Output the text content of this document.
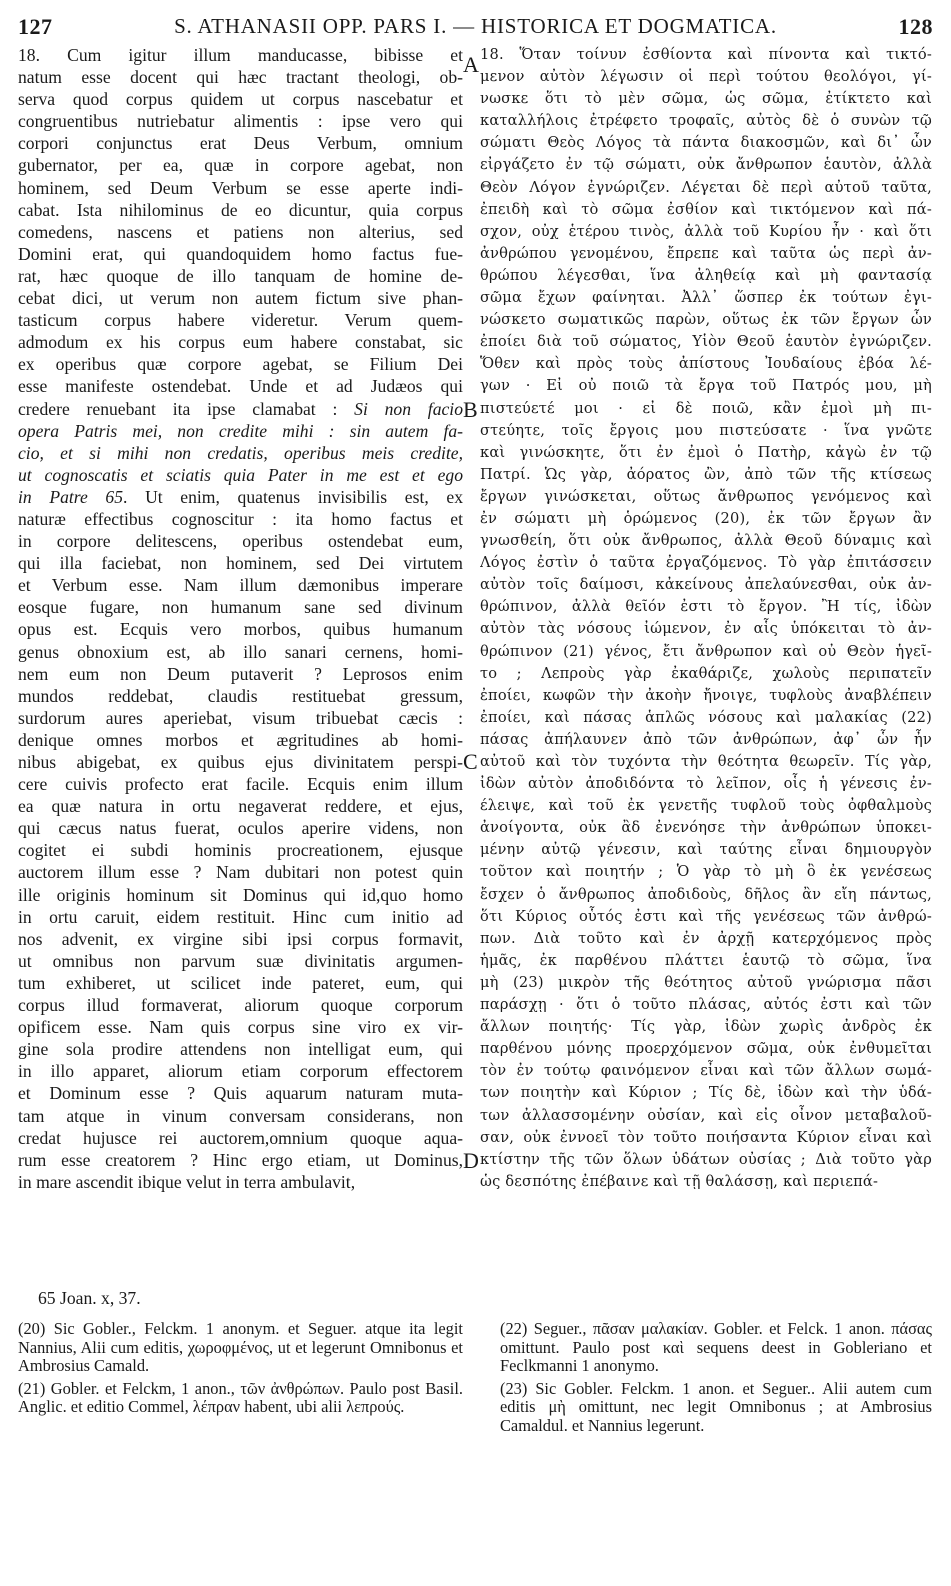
127	S. ATHANASII OPP. PARS I. — HISTORICA ET DOGMATICA.	128
18. Cum igitur illum manducasse, bibisse et
natum esse docent qui hæc tractant theologi, ob-
serva quod corpus quidem ut corpus nascebatur et
congruentibus nutriebatur alimentis : ipse vero qui
corpori conjunctus erat Deus Verbum, omnium
gubernator, per ea, quæ in corpore agebat, non
hominem, sed Deum Verbum se esse aperte indi-
cabat. Ista nihilominus de eo dicuntur, quia corpus
comedens, nascens et patiens non alterius, sed
Domini erat, qui quandoquidem homo factus fue-
rat, hæc quoque de illo tanquam de homine de-
cebat dici, ut verum non autem fictum sive phan-
tasticum corpus habere videretur. Verum quem-
admodum ex his corpus eum habere constabat, sic
ex operibus quæ corpore agebat, se Filium Dei
esse manifeste ostendebat. Unde et ad Judæos qui
credere renuebant ita ipse clamabat : Si non facio
opera Patris mei, non credite mihi : sin autem fa-
cio, et si mihi non credatis, operibus meis credite,
ut cognoscatis et sciatis quia Pater in me est et ego
in Patre 65. Ut enim, quatenus invisibilis est, ex
naturæ effectibus cognoscitur : ita homo factus et
in corpore delitescens, operibus ostendebat eum,
qui illa faciebat, non hominem, sed Dei virtutem
et Verbum esse. Nam illum dæmonibus imperare
eosque fugare, non humanum sane sed divinum
opus est. Ecquis vero morbos, quibus humanum
genus obnoxium est, ab illo sanari cernens, homi-
nem eum non Deum putaverit ? Leprosos enim
mundos reddebat, claudis restituebat gressum,
surdorum aures aperiebat, visum tribuebat cæcis :
denique omnes morbos et ægritudines ab homi-
nibus abigebat, ex quibus ejus divinitatem perspi-
cere cuivis profecto erat facile. Ecquis enim illum
ea quæ natura in ortu negaverat reddere, et ejus,
qui cæcus natus fuerat, oculos aperire videns, non
cogitet ei subdi hominis procreationem, ejusque
auctorem illum esse ? Nam dubitari non potest quin
ille originis hominum sit Dominus qui id,quo homo
in ortu caruit, eidem restituit. Hinc cum initio ad
nos advenit, ex virgine sibi ipsi corpus formavit,
ut omnibus non parvum suæ divinitatis argumen-
tum exhiberet, ut scilicet inde pateret, eum, qui
corpus illud formaverat, aliorum quoque corporum
opificem esse. Nam quis corpus sine viro ex vir-
gine sola prodire attendens non intelligat eum, qui
in illo apparet, aliorum etiam corporum effectorem
et Dominum esse ? Quis aquarum naturam muta-
tam atque in vinum conversam considerans, non
credat hujusce rei auctorem,omnium quoque aqua-
rum esse creatorem ? Hinc ergo etiam, ut Dominus,
in mare ascendit ibique velut in terra ambulavit,
18. Ὅταν τοίνυν ἐσθίοντα καὶ πίνοντα καὶ τικτό-
μενον αὐτὸν λέγωσιν οἱ περὶ τούτου θεολόγοι, γί-
νωσκε ὅτι τὸ μὲν σῶμα, ὡς σῶμα, ἐτίκτετο καὶ
καταλλήλοις ἐτρέφετο τροφαῖς, αὐτὸς δὲ ὁ συνὼν τῷ
σώματι Θεὸς Λόγος τὰ πάντα διακοσμῶν, καὶ δι᾽ ὧν
εἰργάζετο ἐν τῷ σώματι, οὐκ ἄνθρωπον ἑαυτὸν, ἀλλὰ
Θεὸν Λόγον ἐγνώριζεν. Λέγεται δὲ περὶ αὐτοῦ ταῦτα,
ἐπειδὴ καὶ τὸ σῶμα ἐσθίον καὶ τικτόμενον καὶ πά-
σχον, οὐχ ἑτέρου τινὸς, ἀλλὰ τοῦ Κυρίου ἦν · καὶ ὅτι
ἀνθρώπου γενομένου, ἔπρεπε καὶ ταῦτα ὡς περὶ ἀν-
θρώπου λέγεσθαι, ἵνα ἀληθείᾳ καὶ μὴ φαντασίᾳ
σῶμα ἔχων φαίνηται. Ἀλλ᾽ ὥσπερ ἐκ τούτων ἐγι-
νώσκετο σωματικῶς παρὼν, οὕτως ἐκ τῶν ἔργων ὧν
ἐποίει διὰ τοῦ σώματος, Υἱὸν Θεοῦ ἑαυτὸν ἐγνώριζεν.
Ὅθεν καὶ πρὸς τοὺς ἀπίστους Ἰουδαίους ἐβόα λέ-
γων · Εἰ οὐ ποιῶ τὰ ἔργα τοῦ Πατρός μου, μὴ
πιστεύετέ μοι · εἰ δὲ ποιῶ, κἂν ἐμοὶ μὴ πι-
στεύητε, τοῖς ἔργοις μου πιστεύσατε · ἵνα γνῶτε
καὶ γινώσκητε, ὅτι ἐν ἐμοὶ ὁ Πατὴρ, κἀγὼ ἐν τῷ
Πατρί. Ὡς γὰρ, ἀόρατος ὢν, ἀπὸ τῶν τῆς κτίσεως
ἔργων γινώσκεται, οὕτως ἄνθρωπος γενόμενος καὶ
ἐν σώματι μὴ ὁρώμενος (20), ἐκ τῶν ἔργων ἂν
γνωσθείη, ὅτι οὐκ ἄνθρωπος, ἀλλὰ Θεοῦ δύναμις καὶ
Λόγος ἐστὶν ὁ ταῦτα ἐργαζόμενος. Τὸ γὰρ ἐπιτάσσειν
αὐτὸν τοῖς δαίμοσι, κἀκείνους ἀπελαύνεσθαι, οὐκ ἀν-
θρώπινον, ἀλλὰ θεῖόν ἐστι τὸ ἔργον. Ἢ τίς, ἰδὼν
αὐτὸν τὰς νόσους ἰώμενον, ἐν αἷς ὑπόκειται τὸ ἀν-
θρώπινον (21) γένος, ἔτι ἄνθρωπον καὶ οὐ Θεὸν ἡγεῖ-
το ; Λεπροὺς γὰρ ἐκαθάριζε, χωλοὺς περιπατεῖν
ἐποίει, κωφῶν τὴν ἀκοὴν ἤνοιγε, τυφλοὺς ἀναβλέπειν
ἐποίει, καὶ πάσας ἁπλῶς νόσους καὶ μαλακίας (22)
πάσας ἀπήλαυνεν ἀπὸ τῶν ἀνθρώπων, ἀφ᾽ ὧν ἦν
αὐτοῦ καὶ τὸν τυχόντα τὴν θεότητα θεωρεῖν. Τίς γὰρ,
ἰδὼν αὐτὸν ἀποδιδόντα τὸ λεῖπον, οἷς ἡ γένεσις ἐν-
έλειψε, καὶ τοῦ ἐκ γενετῆς τυφλοῦ τοὺς ὀφθαλμοὺς
ἀνοίγοντα, οὐκ ἂδ ἐνενόησε τὴν ἀνθρώπων ὑποκει-
μένην αὐτῷ γένεσιν, καὶ ταύτης εἶναι δημιουργὸν
τοῦτον καὶ ποιητήν ; Ὁ γὰρ τὸ μὴ ὃ ἐκ γενέσεως
ἔσχεν ὁ ἄνθρωπος ἀποδιδοὺς, δῆλος ἂν εἴη πάντως,
ὅτι Κύριος οὗτός ἐστι καὶ τῆς γενέσεως τῶν ἀνθρώ-
πων. Διὰ τοῦτο καὶ ἐν ἀρχῇ κατερχόμενος πρὸς
ἡμᾶς, ἐκ παρθένου πλάττει ἑαυτῷ τὸ σῶμα, ἵνα
μὴ (23) μικρὸν τῆς θεότητος αὐτοῦ γνώρισμα πᾶσι
παράσχῃ · ὅτι ὁ τοῦτο πλάσας, αὐτός ἐστι καὶ τῶν
ἄλλων ποιητής· Τίς γὰρ, ἰδὼν χωρὶς ἀνδρὸς ἐκ
παρθένου μόνης προερχόμενον σῶμα, οὐκ ἐνθυμεῖται
τὸν ἐν τούτῳ φαινόμενον εἶναι καὶ τῶν ἄλλων σωμά-
των ποιητὴν καὶ Κύριον ; Τίς δὲ, ἰδὼν καὶ τὴν ὑδά-
των ἀλλασσομένην οὐσίαν, καὶ εἰς οἶνον μεταβαλοῦ-
σαν, οὐκ ἐννοεῖ τὸν τοῦτο ποιήσαντα Κύριον εἶναι καὶ
κτίστην τῆς τῶν ὅλων ὑδάτων οὐσίας ; Διὰ τοῦτο γὰρ
ὡς δεσπότης ἐπέβαινε καὶ τῇ θαλάσσῃ, καὶ περιεπά-
A
B
C
D
65 Joan. x, 37.

(20) Sic Gobler., Felckm. 1 anonym. et Seguer. atque ita legit Nannius, Alii cum editis, χωροφμένος, ut et legerunt Omnibonus et Ambrosius Camald.

(21) Gobler. et Felckm, 1 anon., τῶν ἀνθρώπων. Paulo post Basil. Anglic. et editio Commel, λέπραν habent, ubi alii λεπρούς.

(22) Seguer., πᾶσαν μαλακίαν. Gobler. et Felck. 1 anon. πάσας omittunt. Paulo post καὶ sequens deest in Gobleriano et Feclkmanni 1 anonymo.

(23) Sic Gobler. Felckm. 1 anon. et Seguer.. Alii autem cum editis μὴ omittunt, nec legit Omnibonus ; at Ambrosius Camaldul. et Nannius legerunt.
